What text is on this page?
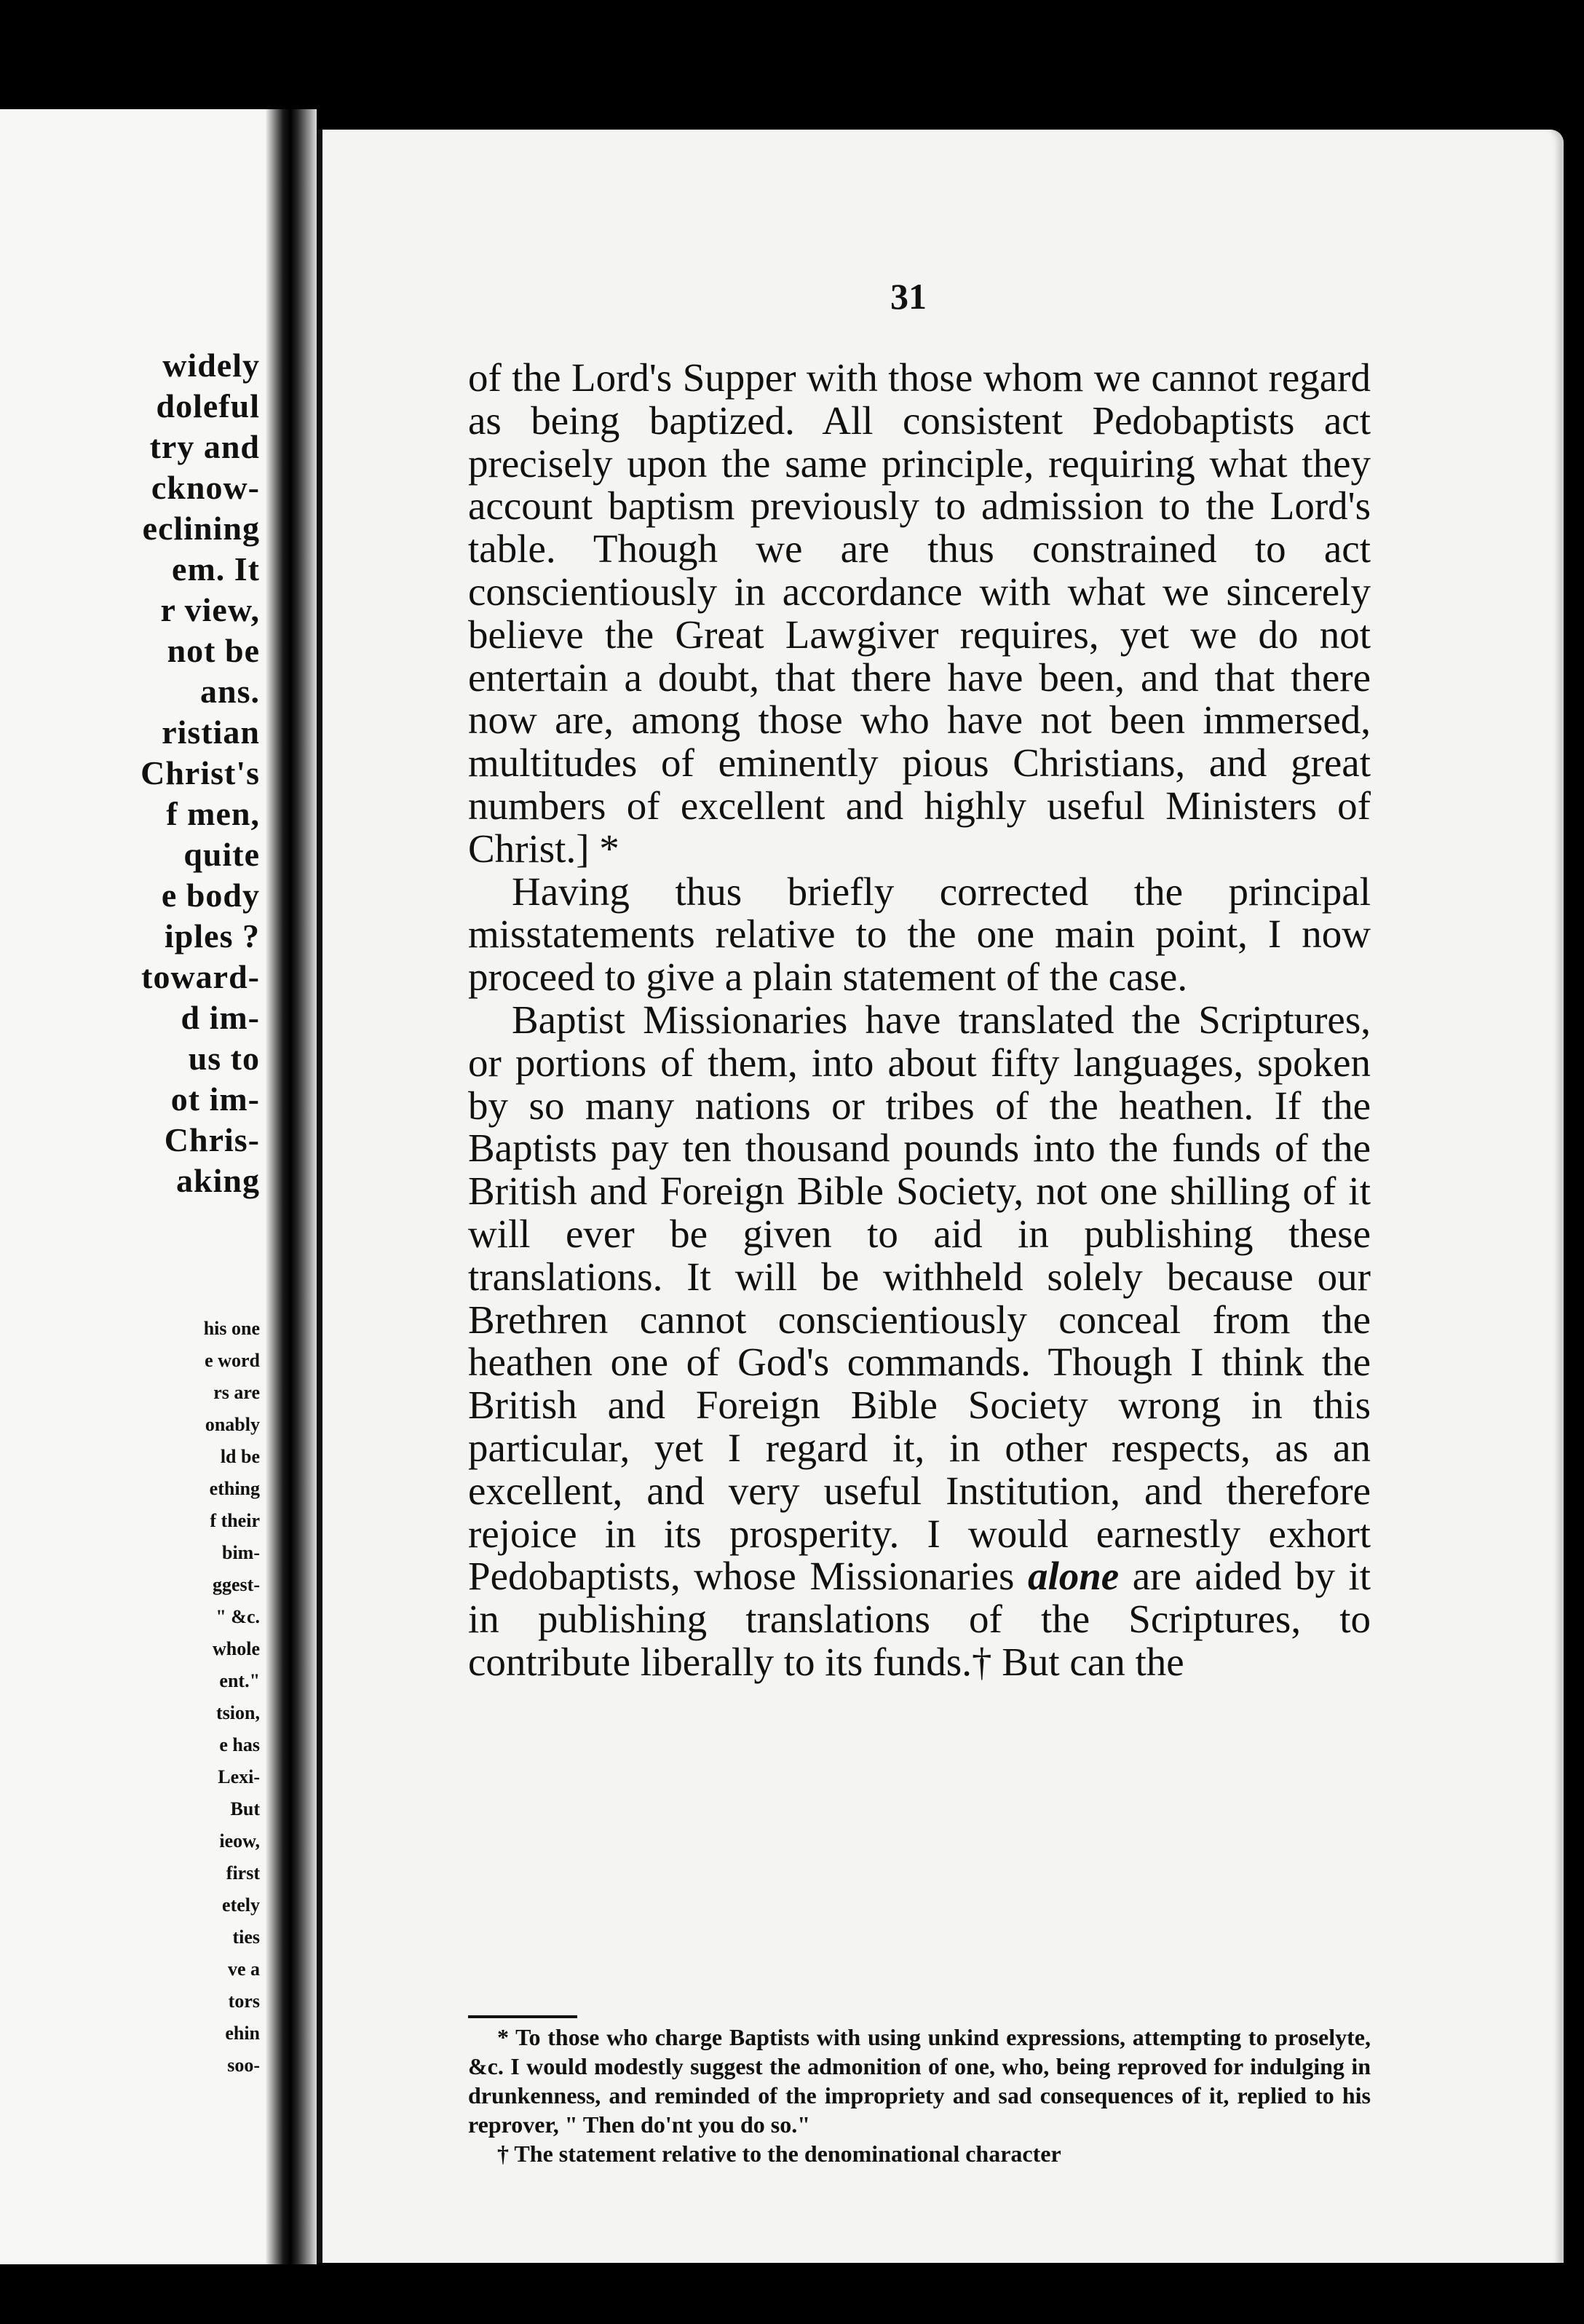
widely
doleful
try and
cknow-
eclining
em. It
r view,
not be
ans.
ristian
Christ's
f men,
quite
e body
iples ?
toward-
d im-
us to
ot im-
Chris-
aking
his one
e word
rs are
onably
ld be
ething
f their
bim-
ggest-
" &c.
whole
ent."
tsion,
e has
Lexi-
But
ieow,
first
etely
ties
ve a
tors
ehin
soo-
31

of the Lord's Supper with those whom we cannot regard as being baptized. All consistent Pedobaptists act precisely upon the same principle, requiring what they account baptism previously to admission to the Lord's table. Though we are thus constrained to act conscientiously in accordance with what we sincerely believe the Great Lawgiver requires, yet we do not entertain a doubt, that there have been, and that there now are, among those who have not been immersed, multitudes of eminently pious Christians, and great numbers of excellent and highly useful Ministers of Christ.] *

Having thus briefly corrected the principal misstatements relative to the one main point, I now proceed to give a plain statement of the case.

Baptist Missionaries have translated the Scriptures, or portions of them, into about fifty languages, spoken by so many nations or tribes of the heathen. If the Baptists pay ten thousand pounds into the funds of the British and Foreign Bible Society, not one shilling of it will ever be given to aid in publishing these translations. It will be withheld solely because our Brethren cannot conscientiously conceal from the heathen one of God's commands. Though I think the British and Foreign Bible Society wrong in this particular, yet I regard it, in other respects, as an excellent, and very useful Institution, and therefore rejoice in its prosperity. I would earnestly exhort Pedobaptists, whose Missionaries alone are aided by it in publishing translations of the Scriptures, to contribute liberally to its funds.† But can the

* To those who charge Baptists with using unkind expressions, attempting to proselyte, &c. I would modestly suggest the admonition of one, who, being reproved for indulging in drunkenness, and reminded of the impropriety and sad consequences of it, replied to his reprover, " Then do'nt you do so."

† The statement relative to the denominational character
